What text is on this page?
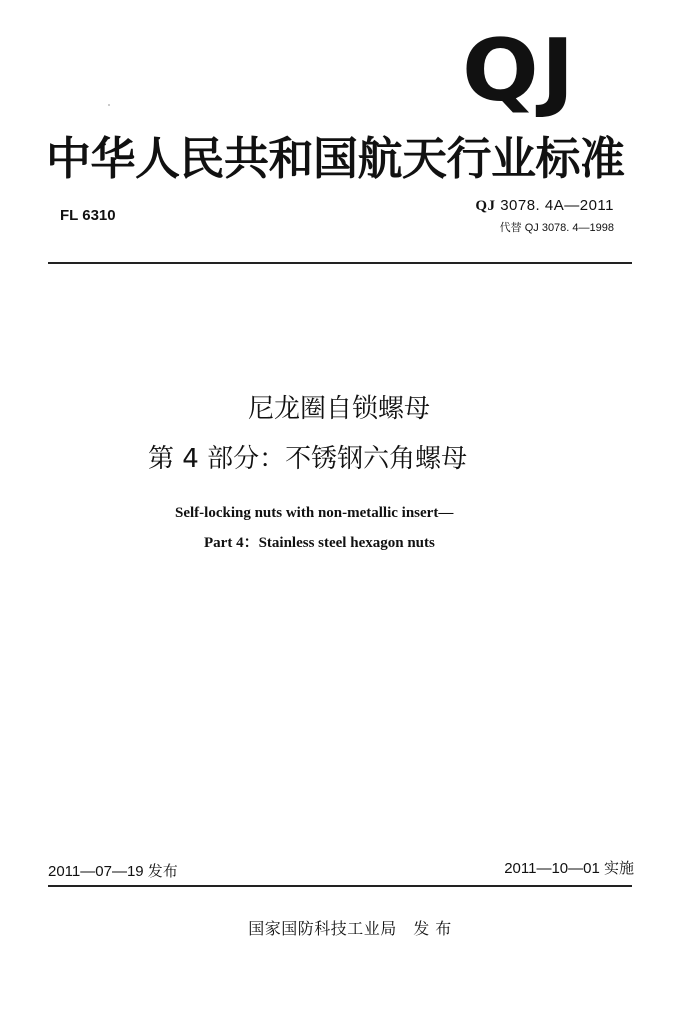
QJ
中华人民共和国航天行业标准
FL 6310
QJ 3078. 4A—2011
代替 QJ 3078. 4—1998
尼龙圈自锁螺母
第 4 部分：不锈钢六角螺母
Self-locking nuts with non-metallic insert—
Part 4：Stainless steel hexagon nuts
2011—07—19 发布	2011—10—01 实施
国家国防科技工业局　发 布
